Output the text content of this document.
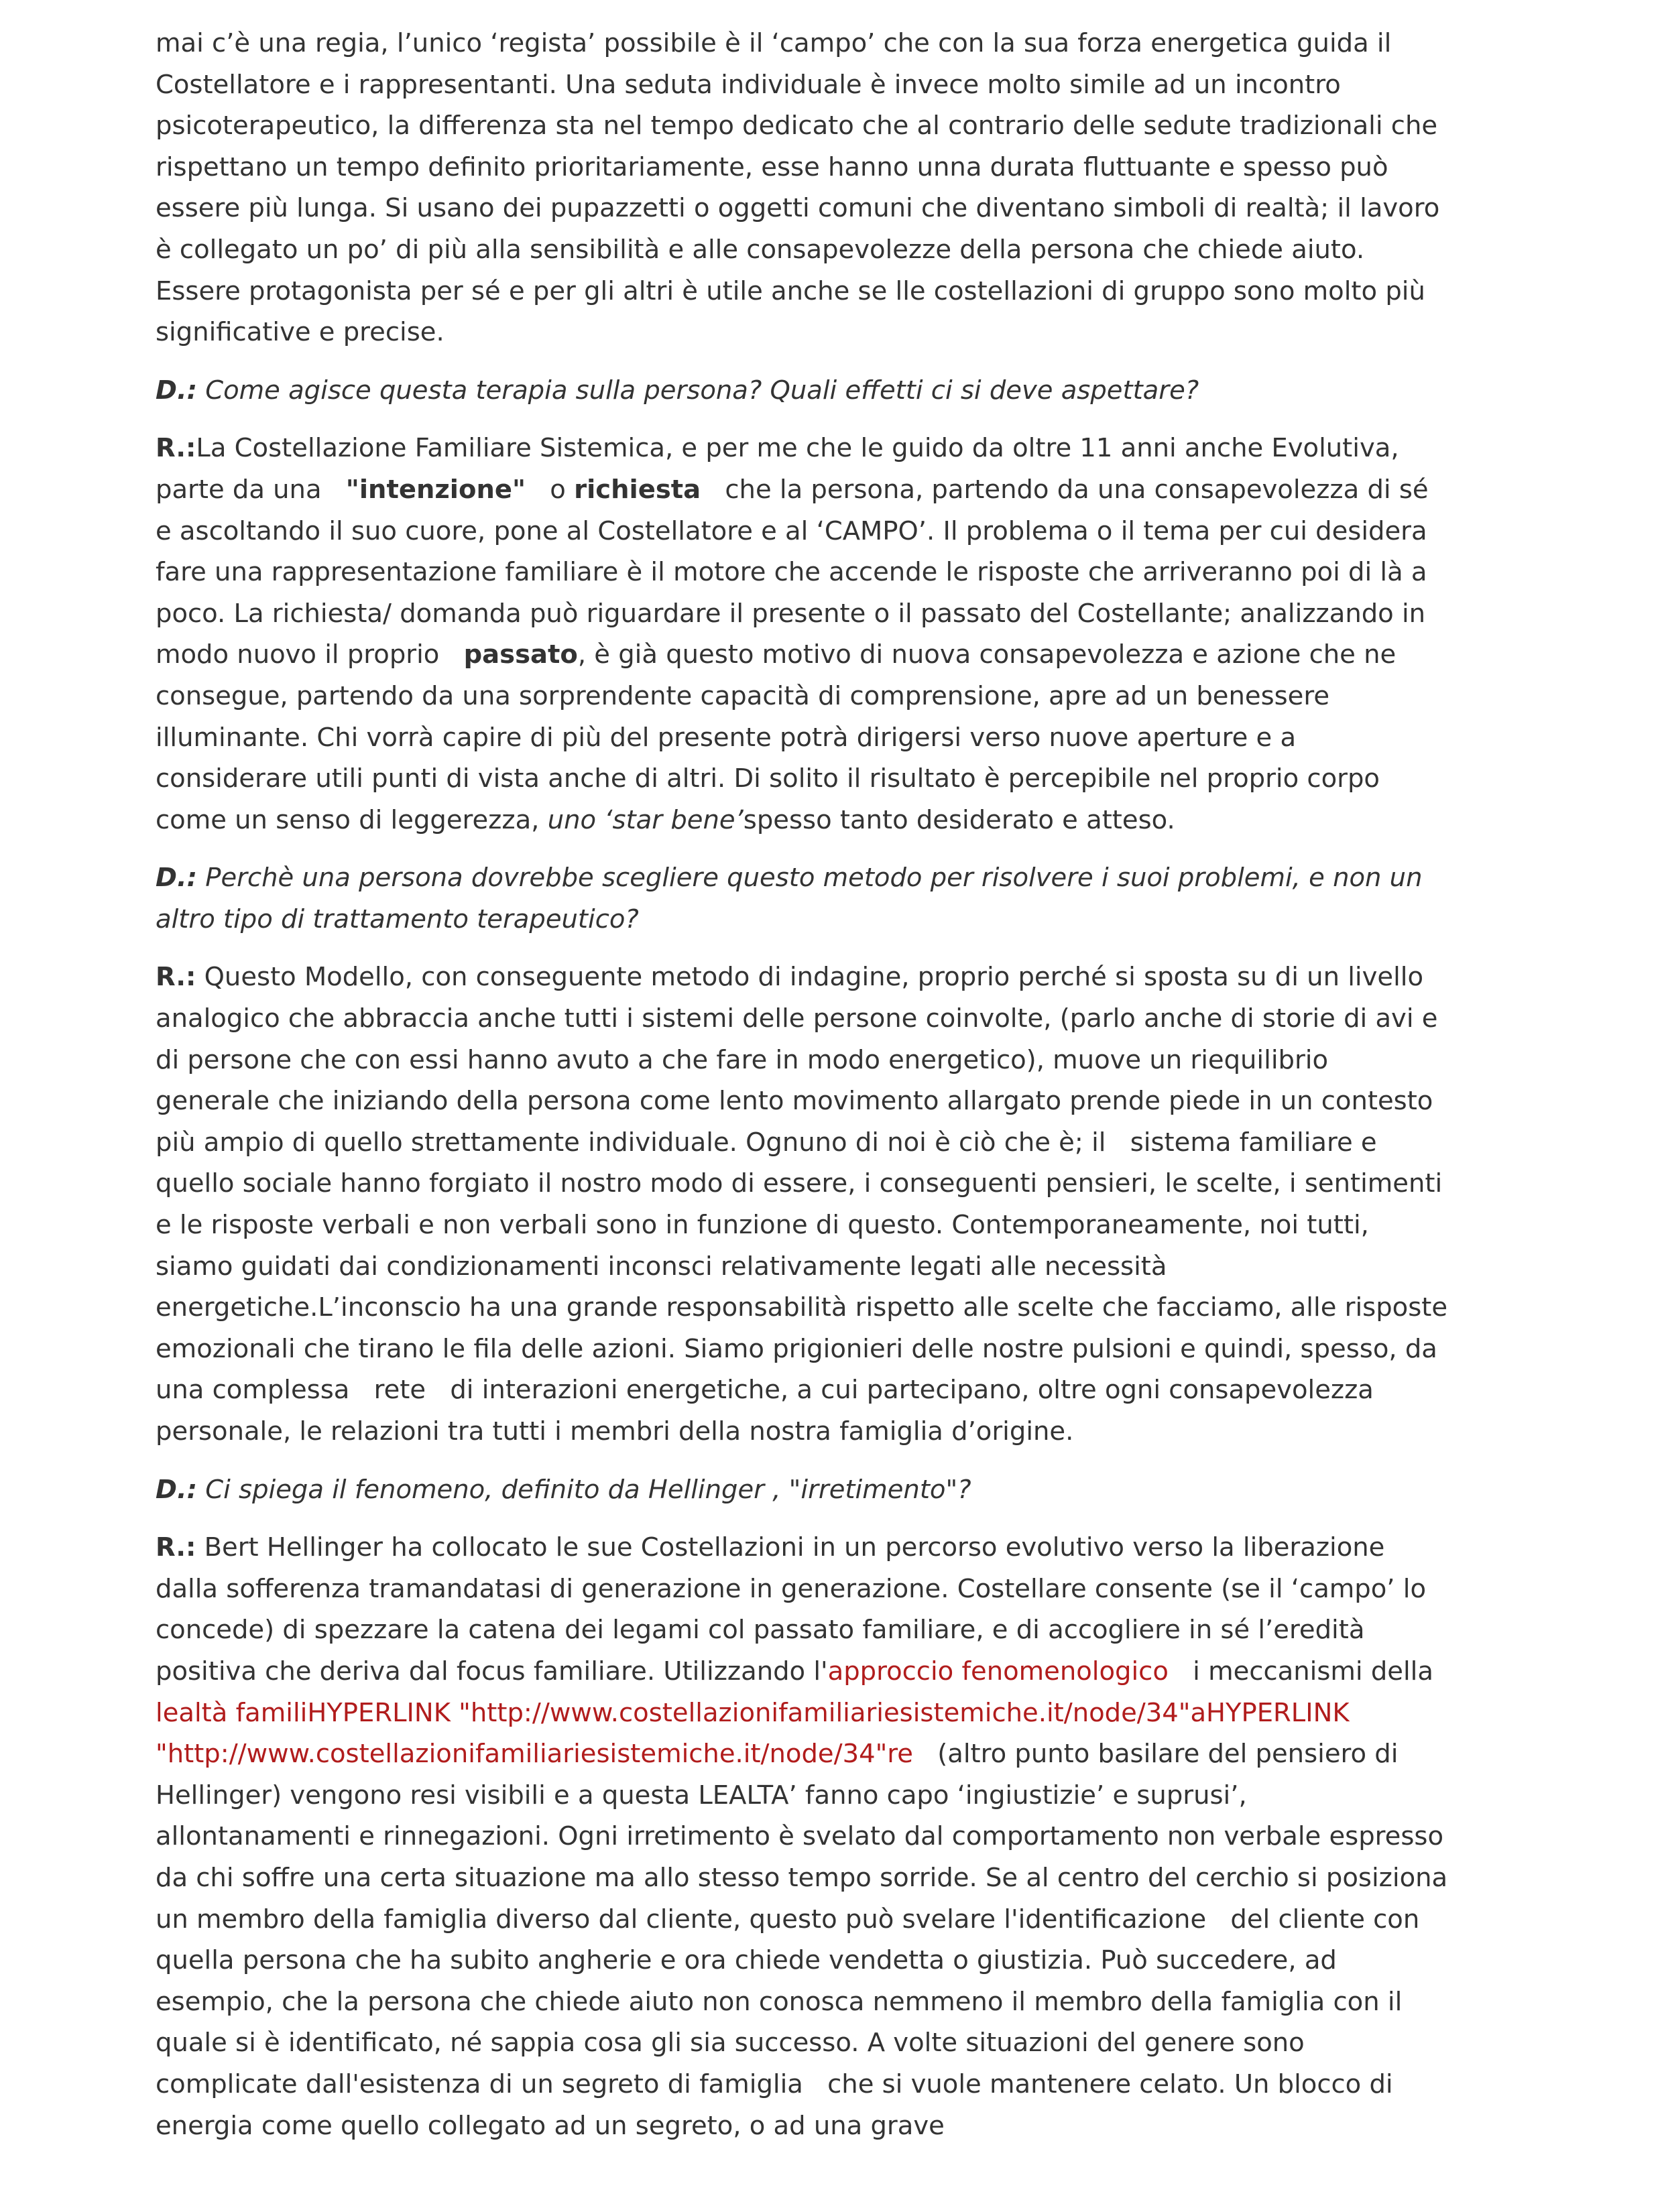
mai c’è una regia, l’unico ‘regista’ possibile è il ‘campo’ che con la sua forza energetica guida il Costellatore e i rappresentanti. Una seduta individuale è invece molto simile ad un incontro psicoterapeutico, la differenza sta nel tempo dedicato che al contrario delle sedute tradizionali che rispettano un tempo definito prioritariamente, esse hanno unna durata fluttuante e spesso può essere più lunga. Si usano dei pupazzetti o oggetti comuni che diventano simboli di realtà; il lavoro è collegato un po’ di più alla sensibilità e alle consapevolezze della persona che chiede aiuto. Essere protagonista per sé e per gli altri è utile anche se lle costellazioni di gruppo sono molto più significative e precise.

D.: Come agisce questa terapia sulla persona? Quali effetti ci si deve aspettare?

R.:La Costellazione Familiare Sistemica, e per me che le guido da oltre 11 anni anche Evolutiva, parte da una "intenzione" o richiesta che la persona, partendo da una consapevolezza di sé e ascoltando il suo cuore, pone al Costellatore e al ‘CAMPO’. Il problema o il tema per cui desidera fare una rappresentazione familiare è il motore che accende le risposte che arriveranno poi di là a poco. La richiesta/ domanda può riguardare il presente o il passato del Costellante; analizzando in modo nuovo il proprio passato, è già questo motivo di nuova consapevolezza e azione che ne consegue, partendo da una sorprendente capacità di comprensione, apre ad un benessere illuminante. Chi vorrà capire di più del presente potrà dirigersi verso nuove aperture e a considerare utili punti di vista anche di altri. Di solito il risultato è percepibile nel proprio corpo come un senso di leggerezza, uno ‘star bene’spesso tanto desiderato e atteso.

D.: Perchè una persona dovrebbe scegliere questo metodo per risolvere i suoi problemi, e non un altro tipo di trattamento terapeutico?

R.: Questo Modello, con conseguente metodo di indagine, proprio perché si sposta su di un livello analogico che abbraccia anche tutti i sistemi delle persone coinvolte, (parlo anche di storie di avi e di persone che con essi hanno avuto a che fare in modo energetico), muove un riequilibrio generale che iniziando della persona come lento movimento allargato prende piede in un contesto più ampio di quello strettamente individuale. Ognuno di noi è ciò che è; il sistema familiare e quello sociale hanno forgiato il nostro modo di essere, i conseguenti pensieri, le scelte, i sentimenti e le risposte verbali e non verbali sono in funzione di questo. Contemporaneamente, noi tutti, siamo guidati dai condizionamenti inconsci relativamente legati alle necessità energetiche.L’inconscio ha una grande responsabilità rispetto alle scelte che facciamo, alle risposte emozionali che tirano le fila delle azioni. Siamo prigionieri delle nostre pulsioni e quindi, spesso, da una complessa rete di interazioni energetiche, a cui partecipano, oltre ogni consapevolezza personale, le relazioni tra tutti i membri della nostra famiglia d’origine.

D.: Ci spiega il fenomeno, definito da Hellinger , "irretimento"?

R.: Bert Hellinger ha collocato le sue Costellazioni in un percorso evolutivo verso la liberazione dalla sofferenza tramandatasi di generazione in generazione. Costellare consente (se il ‘campo’ lo concede) di spezzare la catena dei legami col passato familiare, e di accogliere in sé l’eredità positiva che deriva dal focus familiare. Utilizzando l'approccio fenomenologico i meccanismi della lealtà familiHYPERLINK "http://www.costellazionifamiliariesistemiche.it/node/34"aHYPERLINK "http://www.costellazionifamiliariesistemiche.it/node/34"re (altro punto basilare del pensiero di Hellinger) vengono resi visibili e a questa LEALTA’ fanno capo ‘ingiustizie’ e suprusi’, allontanamenti e rinnegazioni. Ogni irretimento è svelato dal comportamento non verbale espresso da chi soffre una certa situazione ma allo stesso tempo sorride. Se al centro del cerchio si posiziona un membro della famiglia diverso dal cliente, questo può svelare l'identificazione del cliente con quella persona che ha subito angherie e ora chiede vendetta o giustizia. Può succedere, ad esempio, che la persona che chiede aiuto non conosca nemmeno il membro della famiglia con il quale si è identificato, né sappia cosa gli sia successo. A volte situazioni del genere sono complicate dall'esistenza di un segreto di famiglia che si vuole mantenere celato. Un blocco di energia come quello collegato ad un segreto, o ad una grave
